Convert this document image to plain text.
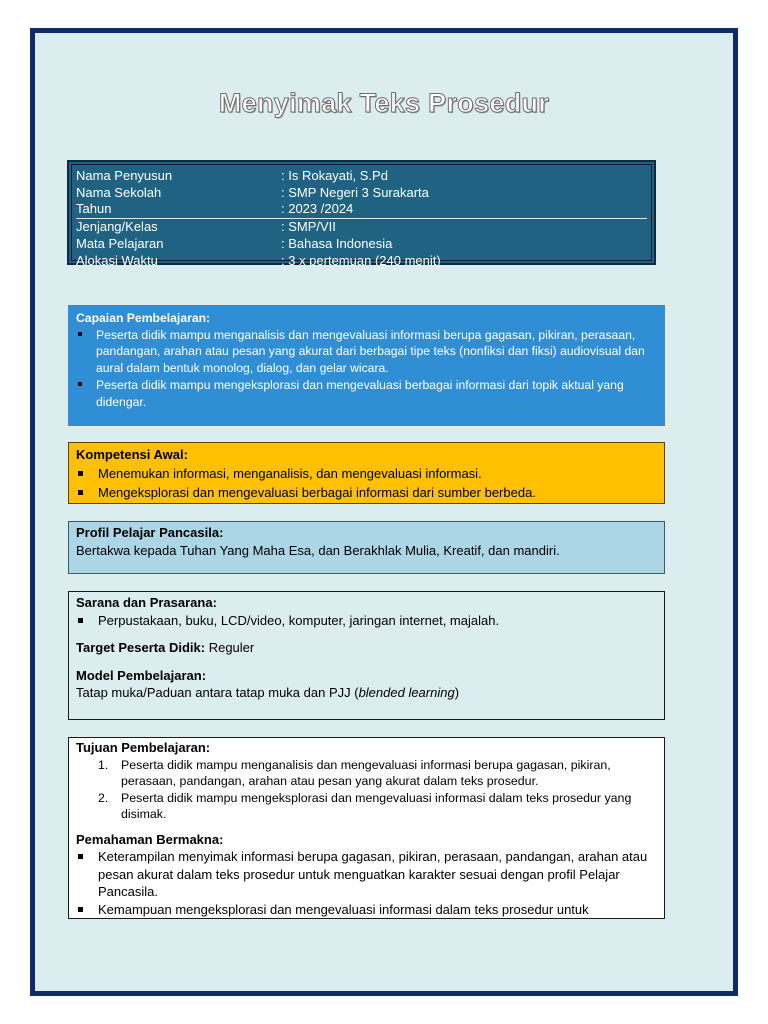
Menyimak Teks Prosedur
Nama Penyusun	: Is Rokayati, S.Pd
Nama Sekolah	: SMP Negeri 3 Surakarta
Tahun	: 2023 /2024
Jenjang/Kelas	: SMP/VII
Mata Pelajaran	: Bahasa Indonesia
Alokasi Waktu	: 3 x pertemuan (240 menit)
Capaian Pembelajaran:
Peserta didik mampu menganalisis dan mengevaluasi informasi berupa gagasan, pikiran, perasaan, pandangan, arahan atau pesan yang akurat dari berbagai tipe teks (nonfiksi dan fiksi) audiovisual dan aural dalam bentuk monolog, dialog, dan gelar wicara.
Peserta didik mampu mengeksplorasi dan mengevaluasi berbagai informasi dari topik aktual yang didengar.
Kompetensi Awal:
Menemukan informasi, menganalisis, dan mengevaluasi informasi.
Mengeksplorasi dan mengevaluasi berbagai informasi dari sumber berbeda.
Profil Pelajar Pancasila:
Bertakwa kepada Tuhan Yang Maha Esa, dan Berakhlak Mulia, Kreatif, dan mandiri.
Sarana dan Prasarana:
Perpustakaan, buku, LCD/video, komputer, jaringan internet, majalah.
Target Peserta Didik: Reguler
Model Pembelajaran:
Tatap muka/Paduan antara tatap muka dan PJJ (blended learning)
Tujuan Pembelajaran:
1. Peserta didik mampu menganalisis dan mengevaluasi informasi berupa gagasan, pikiran, perasaan, pandangan, arahan atau pesan yang akurat dalam teks prosedur.
2. Peserta didik mampu mengeksplorasi dan mengevaluasi informasi dalam teks prosedur yang disimak.
Pemahaman Bermakna:
Keterampilan menyimak informasi berupa gagasan, pikiran, perasaan, pandangan, arahan atau pesan akurat dalam teks prosedur untuk menguatkan karakter sesuai dengan profil Pelajar Pancasila.
Kemampuan mengeksplorasi dan mengevaluasi informasi dalam teks prosedur untuk
